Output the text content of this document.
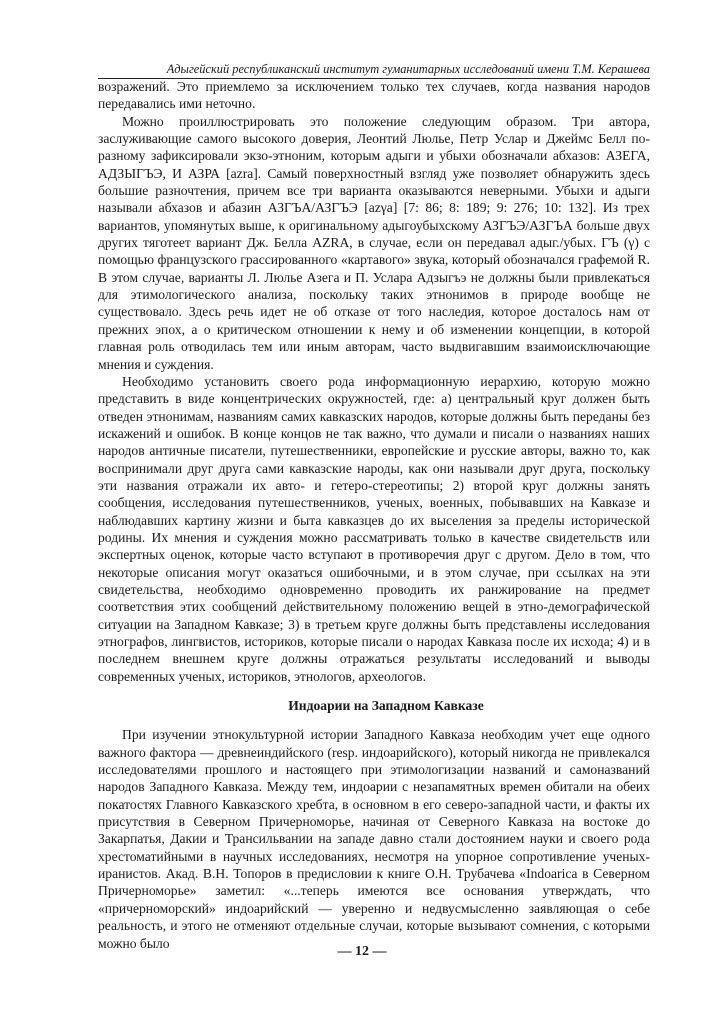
Адыгейский республиканский институт гуманитарных исследований имени Т.М. Керашева

возражений. Это приемлемо за исключением только тех случаев, когда названия народов передавались ими неточно.

Можно проиллюстрировать это положение следующим образом. Три автора, заслуживающие самого высокого доверия, Леонтий Люлье, Петр Услар и Джеймс Белл по-разному зафиксировали экзо-этноним, которым адыги и убыхи обозначали абхазов: АЗЕГА, АДЗЫГЪЭ, И АЗРА [azra]. Самый поверхностный взгляд уже позволяет обнаружить здесь большие разночтения, причем все три варианта оказываются неверными. Убыхи и адыги называли абхазов и абазин АЗГЪА/АЗГЪЭ [azγa] [7: 86; 8: 189; 9: 276; 10: 132]. Из трех вариантов, упомянутых выше, к оригинальному адыгоубыхскому АЗГЪЭ/АЗГЪА больше двух других тяготеет вариант Дж. Белла AZRA, в случае, если он передавал адыг./убых. ГЪ (γ) с помощью французского грассированного «картавого» звука, который обозначался графемой R. В этом случае, варианты Л. Люлье Азега и П. Услара Адзыгъэ не должны были привлекаться для этимологического анализа, поскольку таких этнонимов в природе вообще не существовало. Здесь речь идет не об отказе от того наследия, которое досталось нам от прежних эпох, а о критическом отношении к нему и об изменении концепции, в которой главная роль отводилась тем или иным авторам, часто выдвигавшим взаимоисключающие мнения и суждения.

Необходимо установить своего рода информационную иерархию, которую можно представить в виде концентрических окружностей, где: а) центральный круг должен быть отведен этнонимам, названиям самих кавказских народов, которые должны быть переданы без искажений и ошибок. В конце концов не так важно, что думали и писали о названиях наших народов античные писатели, путешественники, европейские и русские авторы, важно то, как воспринимали друг друга сами кавказские народы, как они называли друг друга, поскольку эти названия отражали их авто- и гетеро-стереотипы; 2) второй круг должны занять сообщения, исследования путешественников, ученых, военных, побывавших на Кавказе и наблюдавших картину жизни и быта кавказцев до их выселения за пределы исторической родины. Их мнения и суждения можно рассматривать только в качестве свидетельств или экспертных оценок, которые часто вступают в противоречия друг с другом. Дело в том, что некоторые описания могут оказаться ошибочными, и в этом случае, при ссылках на эти свидетельства, необходимо одновременно проводить их ранжирование на предмет соответствия этих сообщений действительному положению вещей в этно-демографической ситуации на Западном Кавказе; 3) в третьем круге должны быть представлены исследования этнографов, лингвистов, историков, которые писали о народах Кавказа после их исхода; 4) и в последнем внешнем круге должны отражаться результаты исследований и выводы современных ученых, историков, этнологов, археологов.

Индоарии на Западном Кавказе

При изучении этнокультурной истории Западного Кавказа необходим учет еще одного важного фактора — древнеиндийского (resp. индоарийского), который никогда не привлекался исследователями прошлого и настоящего при этимологизации названий и самоназваний народов Западного Кавказа. Между тем, индоарии с незапамятных времен обитали на обеих покатостях Главного Кавказского хребта, в основном в его северо-западной части, и факты их присутствия в Северном Причерноморье, начиная от Северного Кавказа на востоке до Закарпатья, Дакии и Трансильвании на западе давно стали достоянием науки и своего рода хрестоматийными в научных исследованиях, несмотря на упорное сопротивление ученых-иранистов. Акад. В.Н. Топоров в предисловии к книге О.Н. Трубачева «Indoarica в Северном Причерноморье» заметил: «...теперь имеются все основания утверждать, что «причерноморский» индоарийский — уверенно и недвусмысленно заявляющая о себе реальность, и этого не отменяют отдельные случаи, которые вызывают сомнения, с которыми можно было

— 12 —
